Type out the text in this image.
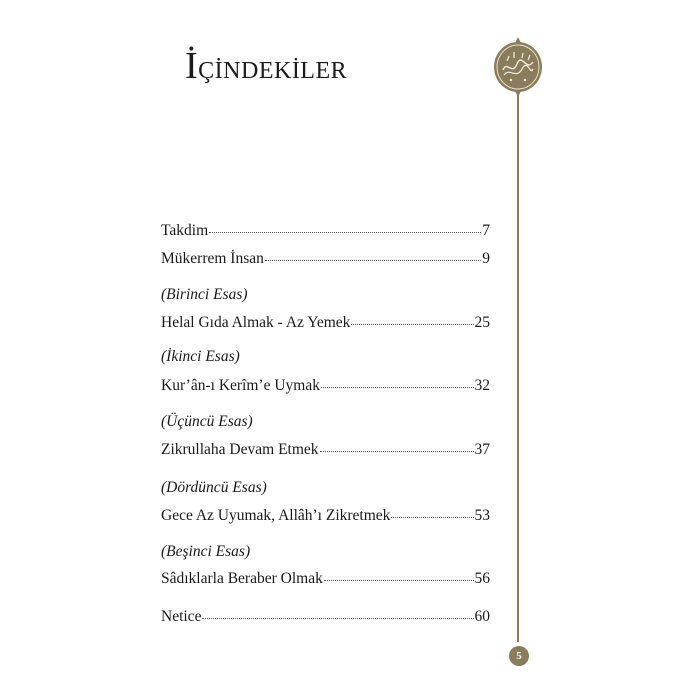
İÇİNDEKİLER
5
Takdim	7
Mükerrem İnsan	9
(Birinci Esas)
Helal Gıda Almak - Az Yemek	25
(İkinci Esas)
Kur’ân-ı Kerîm’e Uymak	32
(Üçüncü Esas)
Zikrullaha Devam Etmek	37
(Dördüncü Esas)
Gece Az Uyumak, Allâh’ı Zikretmek	53
(Beşinci Esas)
Sâdıklarla Beraber Olmak	56
Netice	60
